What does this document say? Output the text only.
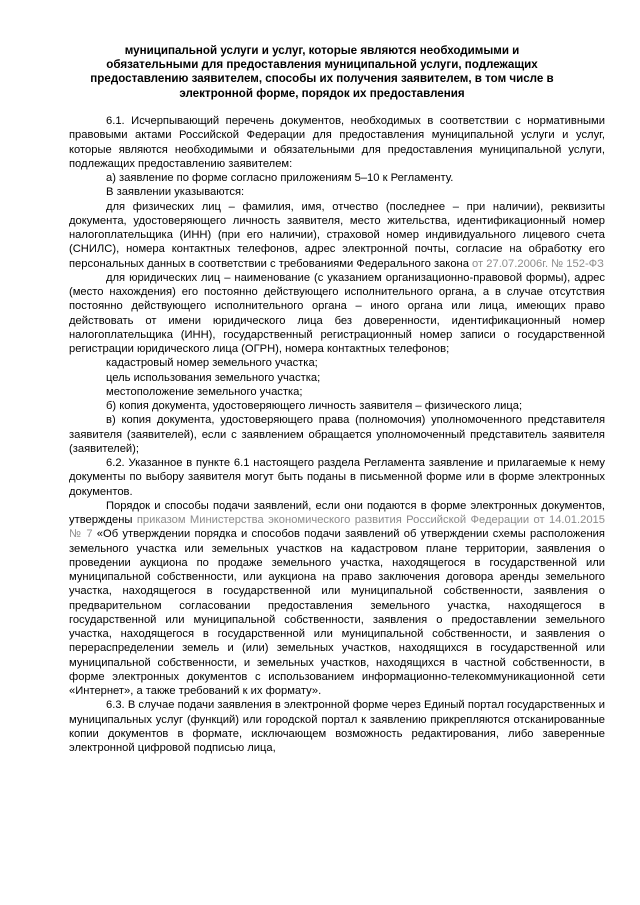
муниципальной услуги и услуг, которые являются необходимыми и обязательными для предоставления муниципальной услуги, подлежащих предоставлению заявителем, способы их получения заявителем, в том числе в электронной форме, порядок их предоставления

6.1. Исчерпывающий перечень документов, необходимых в соответствии с нормативными правовыми актами Российской Федерации для предоставления муниципальной услуги и услуг, которые являются необходимыми и обязательными для предоставления муниципальной услуги, подлежащих предоставлению заявителем:

а) заявление по форме согласно приложениям 5–10 к Регламенту.

В заявлении указываются:

для физических лиц – фамилия, имя, отчество (последнее – при наличии), реквизиты документа, удостоверяющего личность заявителя, место жительства, идентификационный номер налогоплательщика (ИНН) (при его наличии), страховой номер индивидуального лицевого счета (СНИЛС), номера контактных телефонов, адрес электронной почты, согласие на обработку его персональных данных в соответствии с требованиями Федерального закона от 27.07.2006г. № 152-ФЗ

для юридических лиц – наименование (с указанием организационно-правовой формы), адрес (место нахождения) его постоянно действующего исполнительного органа, а в случае отсутствия постоянно действующего исполнительного органа – иного органа или лица, имеющих право действовать от имени юридического лица без доверенности, идентификационный номер налогоплательщика (ИНН), государственный регистрационный номер записи о государственной регистрации юридического лица (ОГРН), номера контактных телефонов;

кадастровый номер земельного участка;

цель использования земельного участка;

местоположение земельного участка;

б) копия документа, удостоверяющего личность заявителя – физического лица;

в) копия документа, удостоверяющего права (полномочия) уполномоченного представителя заявителя (заявителей), если с заявлением обращается уполномоченный представитель заявителя (заявителей);

6.2. Указанное в пункте 6.1 настоящего раздела Регламента заявление и прилагаемые к нему документы по выбору заявителя могут быть поданы в письменной форме или в форме электронных документов.

Порядок и способы подачи заявлений, если они подаются в форме электронных документов, утверждены приказом Министерства экономического развития Российской Федерации от 14.01.2015 № 7 «Об утверждении порядка и способов подачи заявлений об утверждении схемы расположения земельного участка или земельных участков на кадастровом плане территории, заявления о проведении аукциона по продаже земельного участка, находящегося в государственной или муниципальной собственности, или аукциона на право заключения договора аренды земельного участка, находящегося в государственной или муниципальной собственности, заявления о предварительном согласовании предоставления земельного участка, находящегося в государственной или муниципальной собственности, заявления о предоставлении земельного участка, находящегося в государственной или муниципальной собственности, и заявления о перераспределении земель и (или) земельных участков, находящихся в государственной или муниципальной собственности, и земельных участков, находящихся в частной собственности, в форме электронных документов с использованием информационно-телекоммуникационной сети «Интернет», а также требований к их формату».

6.3. В случае подачи заявления в электронной форме через Единый портал государственных и муниципальных услуг (функций) или городской портал к заявлению прикрепляются отсканированные копии документов в формате, исключающем возможность редактирования, либо заверенные электронной цифровой подписью лица,
